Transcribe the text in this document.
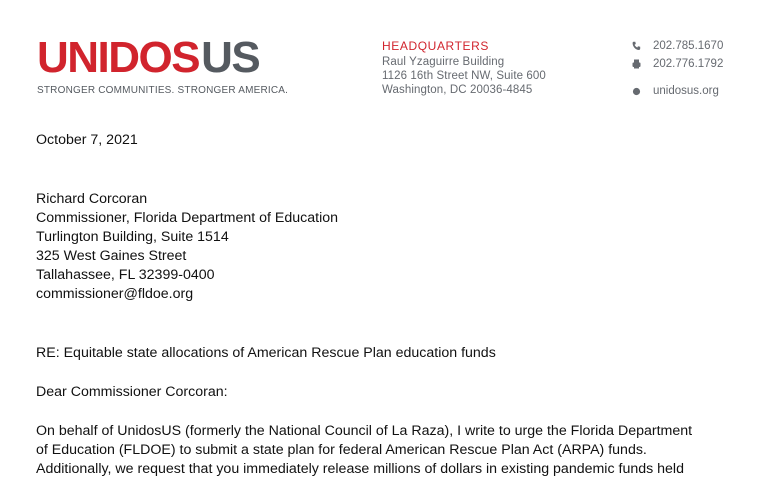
UNIDOS US
STRONGER COMMUNITIES. STRONGER AMERICA.
HEADQUARTERS
Raul Yzaguirre Building
1126 16th Street NW, Suite 600
Washington, DC 20036-4845
202.785.1670
202.776.1792
unidosus.org
October 7, 2021
Richard Corcoran
Commissioner, Florida Department of Education
Turlington Building, Suite 1514
325 West Gaines Street
Tallahassee, FL 32399-0400
commissioner@fldoe.org
RE: Equitable state allocations of American Rescue Plan education funds
Dear Commissioner Corcoran:
On behalf of UnidosUS (formerly the National Council of La Raza), I write to urge the Florida Department
of Education (FLDOE) to submit a state plan for federal American Rescue Plan Act (ARPA) funds.
Additionally, we request that you immediately release millions of dollars in existing pandemic funds held
